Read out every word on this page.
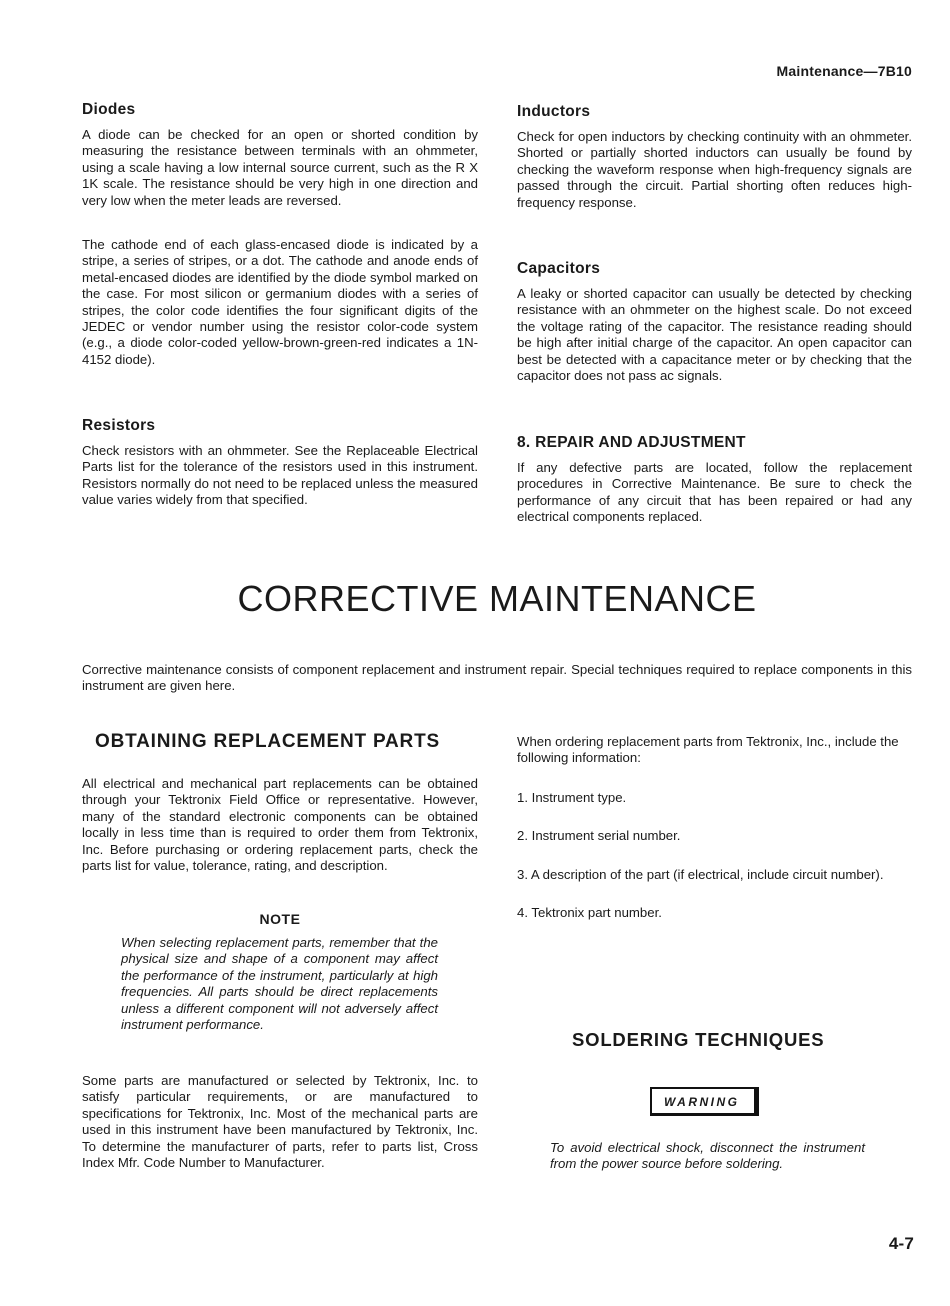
Maintenance—7B10
Diodes

A diode can be checked for an open or shorted condition by measuring the resistance between terminals with an ohmmeter, using a scale having a low internal source current, such as the R X 1K scale. The resistance should be very high in one direction and very low when the meter leads are reversed.

The cathode end of each glass-encased diode is indicated by a stripe, a series of stripes, or a dot. The cathode and anode ends of metal-encased diodes are identified by the diode symbol marked on the case. For most silicon or germanium diodes with a series of stripes, the color code identifies the four significant digits of the JEDEC or vendor number using the resistor color-code system (e.g., a diode color-coded yellow-brown-green-red indicates a 1N-4152 diode).

Resistors

Check resistors with an ohmmeter. See the Replaceable Electrical Parts list for the tolerance of the resistors used in this instrument. Resistors normally do not need to be replaced unless the measured value varies widely from that specified.

Inductors

Check for open inductors by checking continuity with an ohmmeter. Shorted or partially shorted inductors can usually be found by checking the waveform response when high-frequency signals are passed through the circuit. Partial shorting often reduces high-frequency response.

Capacitors

A leaky or shorted capacitor can usually be detected by checking resistance with an ohmmeter on the highest scale. Do not exceed the voltage rating of the capacitor. The resistance reading should be high after initial charge of the capacitor. An open capacitor can best be detected with a capacitance meter or by checking that the capacitor does not pass ac signals.

8. REPAIR AND ADJUSTMENT

If any defective parts are located, follow the replacement procedures in Corrective Maintenance. Be sure to check the performance of any circuit that has been repaired or had any electrical components replaced.

CORRECTIVE MAINTENANCE

Corrective maintenance consists of component replacement and instrument repair. Special techniques required to replace components in this instrument are given here.

OBTAINING REPLACEMENT PARTS

All electrical and mechanical part replacements can be obtained through your Tektronix Field Office or representative. However, many of the standard electronic components can be obtained locally in less time than is required to order them from Tektronix, Inc. Before purchasing or ordering replacement parts, check the parts list for value, tolerance, rating, and description.

NOTE

When selecting replacement parts, remember that the physical size and shape of a component may affect the performance of the instrument, particularly at high frequencies. All parts should be direct replacements unless a different component will not adversely affect instrument performance.

Some parts are manufactured or selected by Tektronix, Inc. to satisfy particular requirements, or are manufactured to specifications for Tektronix, Inc. Most of the mechanical parts are used in this instrument have been manufactured by Tektronix, Inc. To determine the manufacturer of parts, refer to parts list, Cross Index Mfr. Code Number to Manufacturer.

When ordering replacement parts from Tektronix, Inc., include the following information:

1. Instrument type.

2. Instrument serial number.

3. A description of the part (if electrical, include circuit number).

4. Tektronix part number.

SOLDERING TECHNIQUES
WARNING

To avoid electrical shock, disconnect the instrument from the power source before soldering.

4-7
